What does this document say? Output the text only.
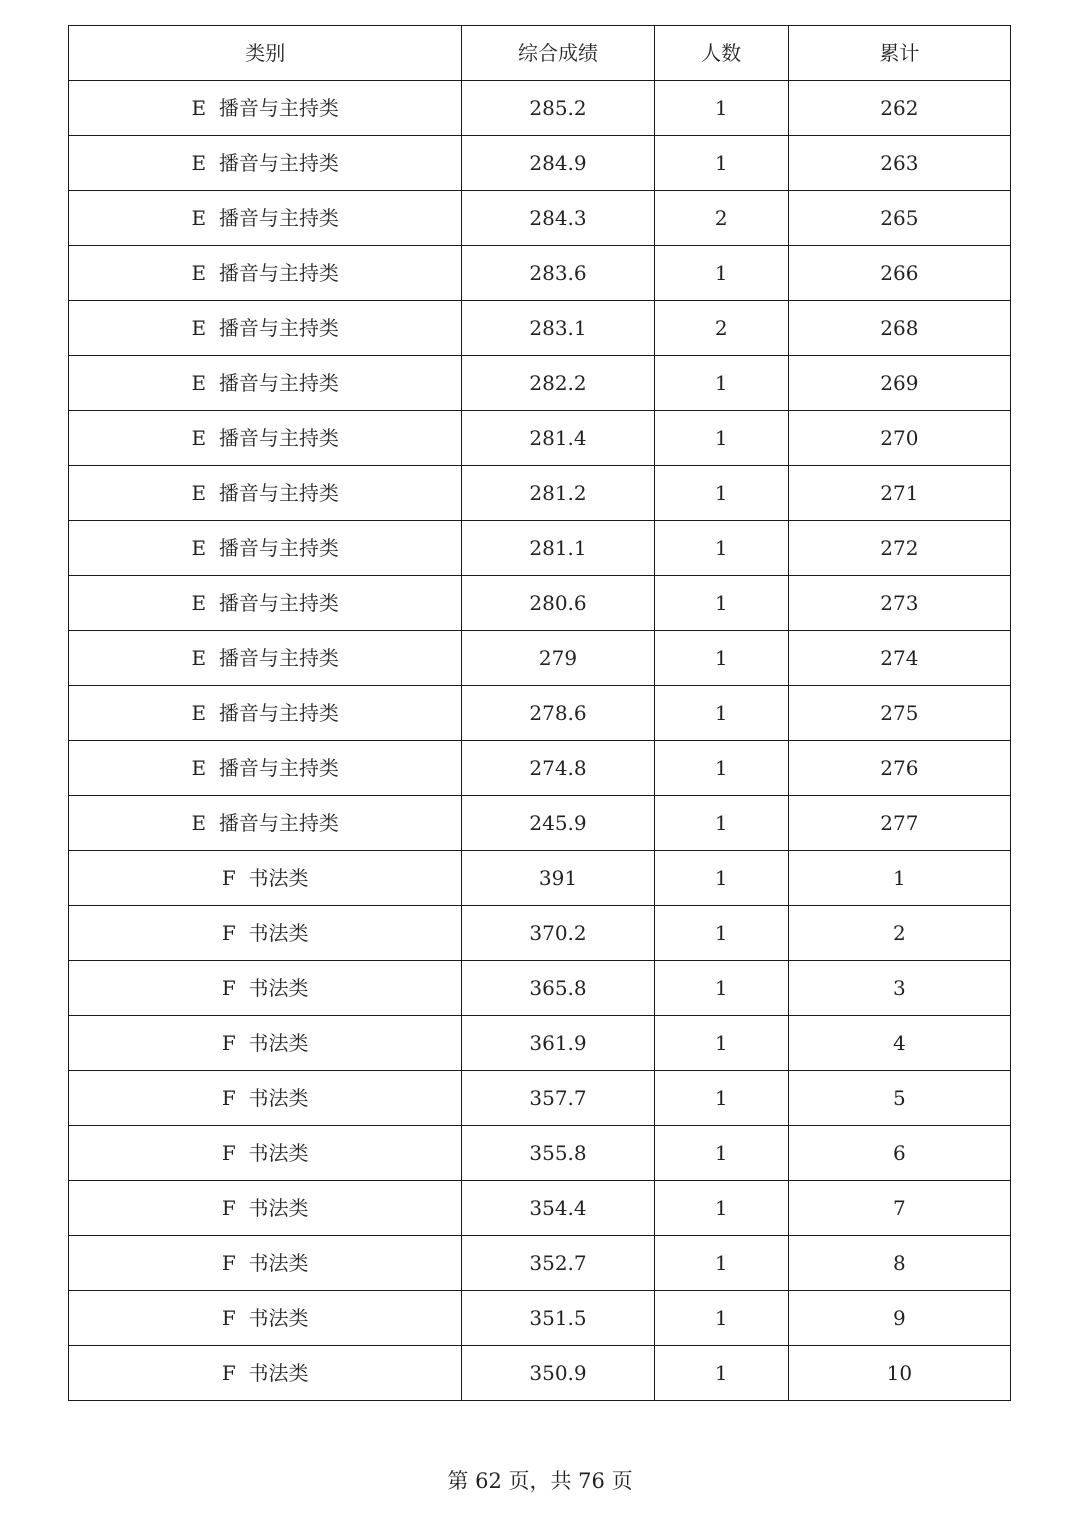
类别	综合成绩	人数	累计
E  播音与主持类	285.2	1	262
E  播音与主持类	284.9	1	263
E  播音与主持类	284.3	2	265
E  播音与主持类	283.6	1	266
E  播音与主持类	283.1	2	268
E  播音与主持类	282.2	1	269
E  播音与主持类	281.4	1	270
E  播音与主持类	281.2	1	271
E  播音与主持类	281.1	1	272
E  播音与主持类	280.6	1	273
E  播音与主持类	279	1	274
E  播音与主持类	278.6	1	275
E  播音与主持类	274.8	1	276
E  播音与主持类	245.9	1	277
F  书法类	391	1	1
F  书法类	370.2	1	2
F  书法类	365.8	1	3
F  书法类	361.9	1	4
F  书法类	357.7	1	5
F  书法类	355.8	1	6
F  书法类	354.4	1	7
F  书法类	352.7	1	8
F  书法类	351.5	1	9
F  书法类	350.9	1	10
第 62 页，共 76 页
